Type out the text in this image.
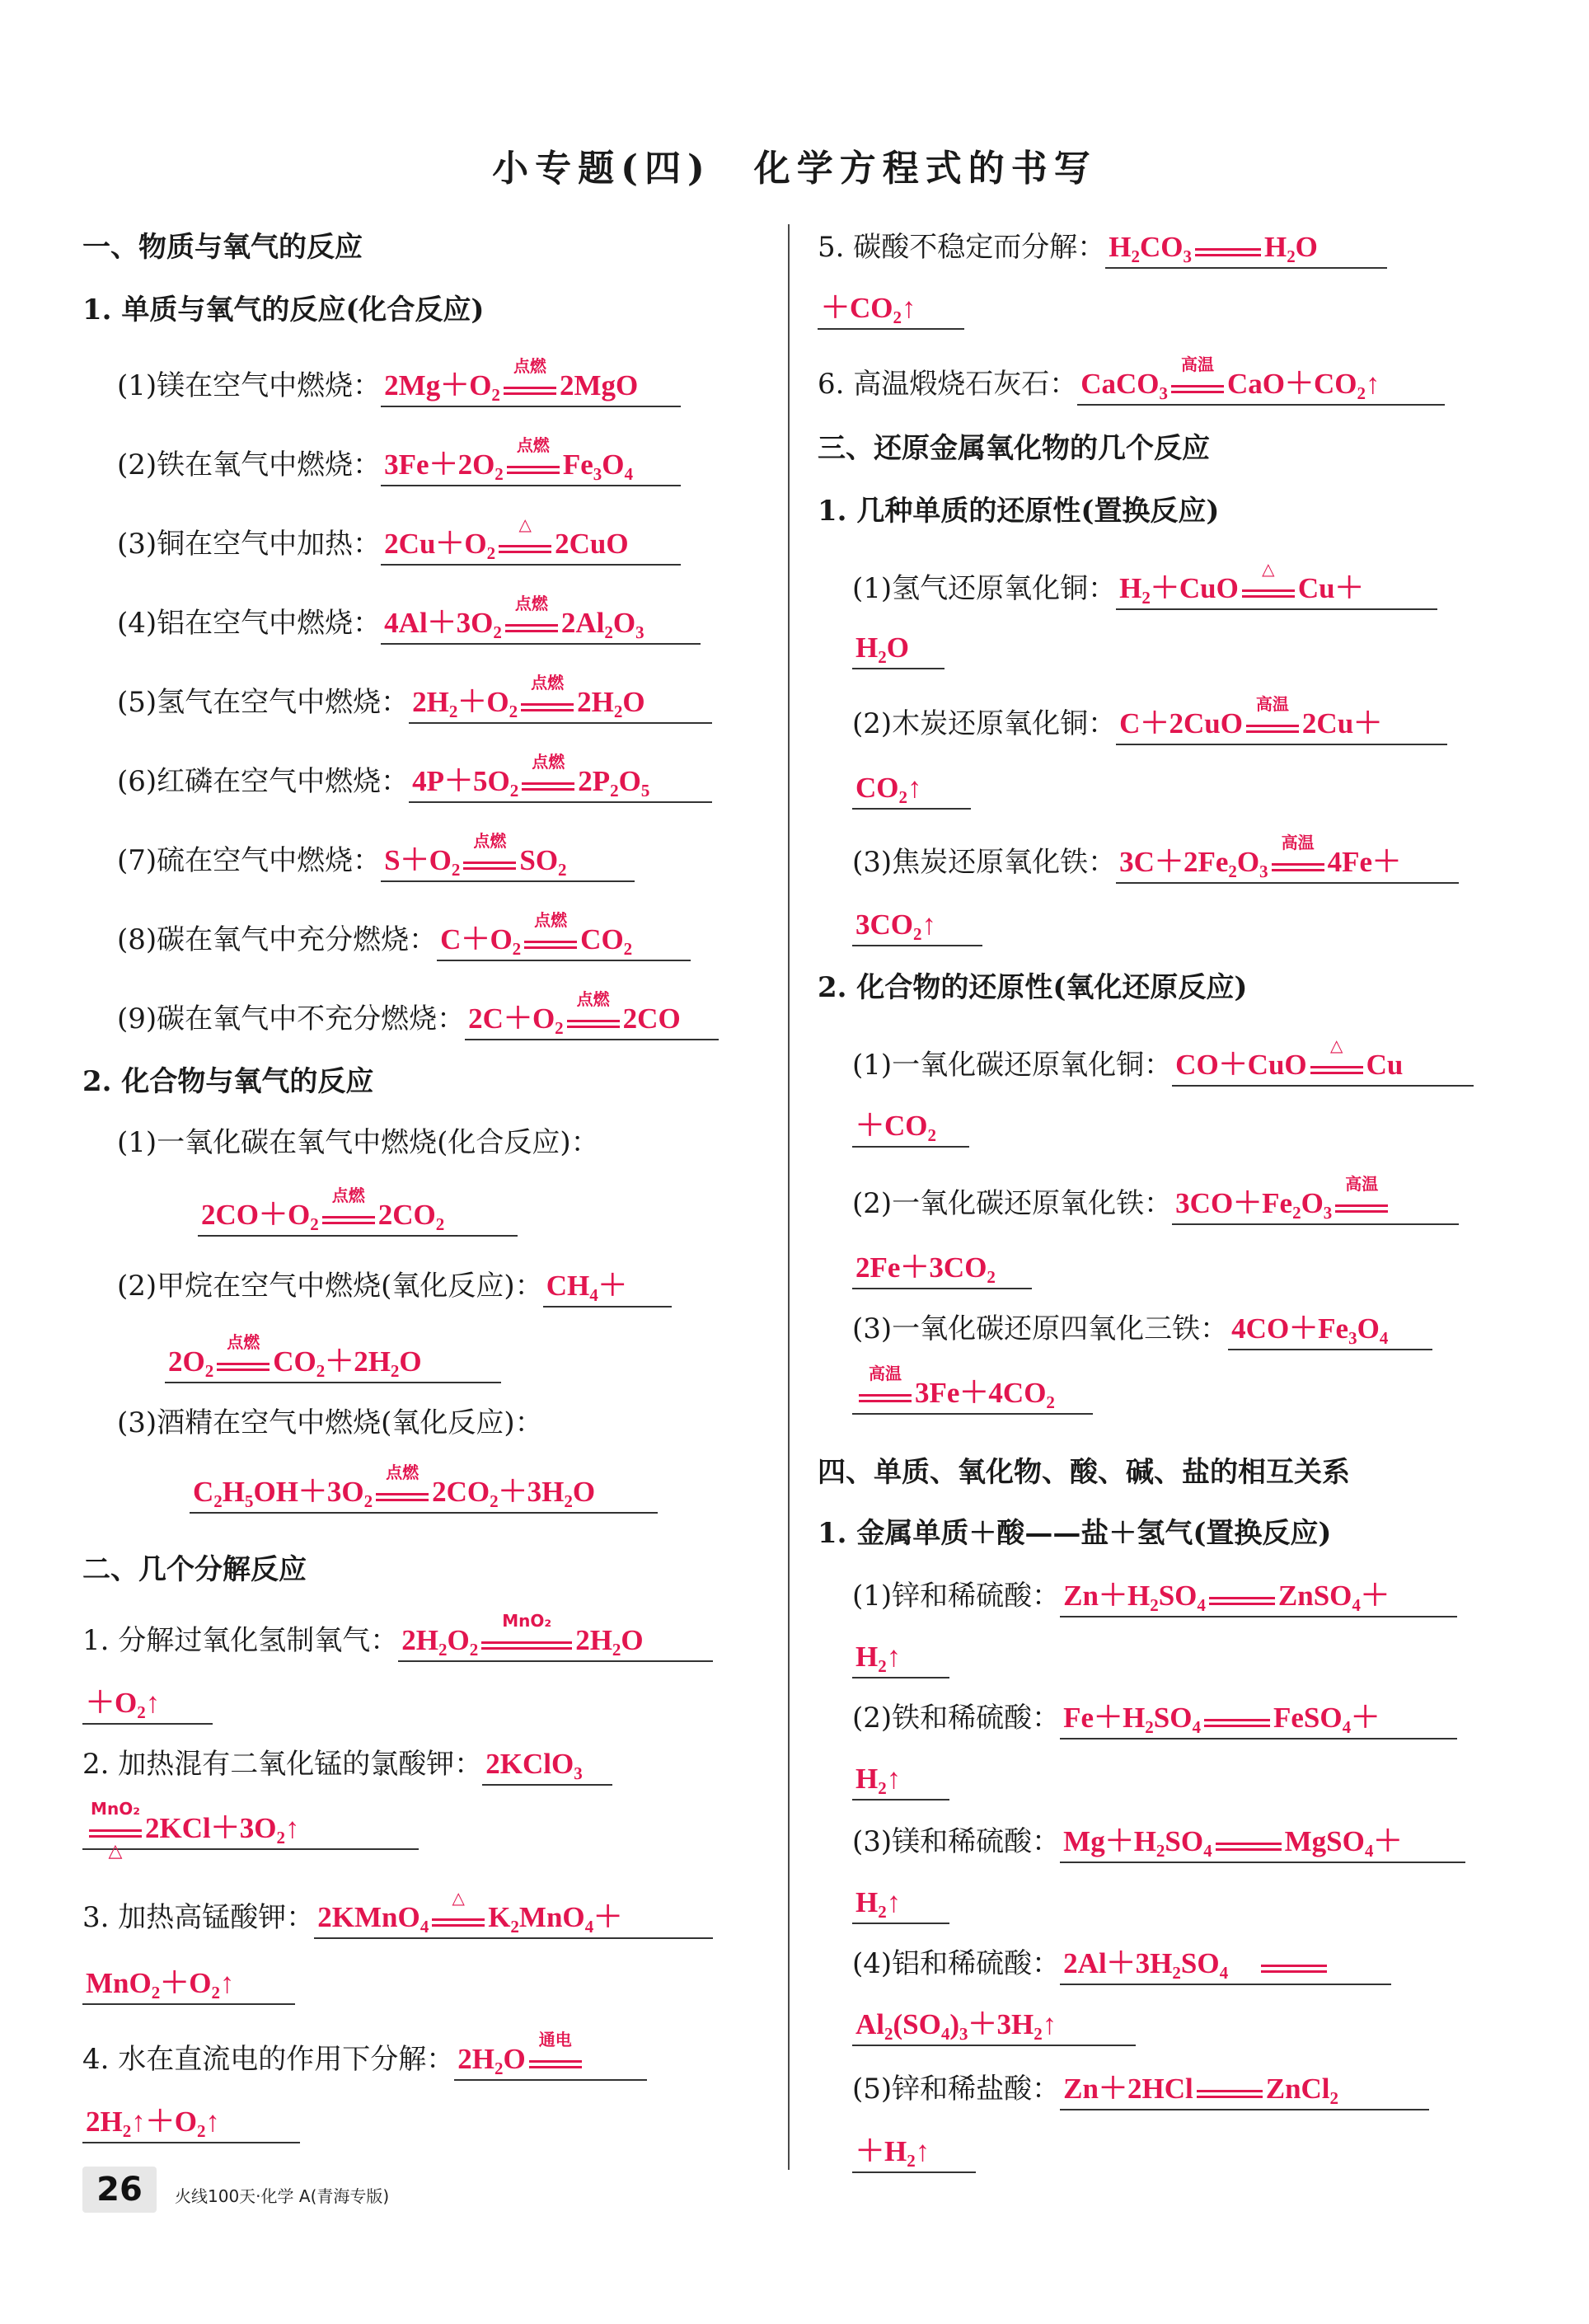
小专题(四)　化学方程式的书写
一、物质与氧气的反应
1. 单质与氧气的反应(化合反应)
(1)镁在空气中燃烧： 2Mg＋O₂
点燃
2MgO
(2)铁在氧气中燃烧： 3Fe＋2O₂
点燃
Fe₃O₄
(3)铜在空气中加热： 2Cu＋O₂
△
2CuO
(4)铝在空气中燃烧： 4Al＋3O₂
点燃
2Al₂O₃
(5)氢气在空气中燃烧： 2H₂＋O₂
点燃
2H₂O
(6)红磷在空气中燃烧： 4P＋5O₂
点燃
2P₂O₅
(7)硫在空气中燃烧： S＋O₂
点燃
SO₂
(8)碳在氧气中充分燃烧： C＋O₂
点燃
CO₂
(9)碳在氧气中不充分燃烧： 2C＋O₂
点燃
2CO
2. 化合物与氧气的反应
(1)一氧化碳在氧气中燃烧(化合反应)：
2CO＋O₂
点燃
2CO₂
(2)甲烷在空气中燃烧(氧化反应)： CH₄＋
2O₂
点燃
CO₂＋2H₂O
(3)酒精在空气中燃烧(氧化反应)：
C₂H₅OH＋3O₂
点燃
2CO₂＋3H₂O
二、几个分解反应
1. 分解过氧化氢制氧气： 2H₂O₂
MnO₂
2H₂O
＋O₂↑
2. 加热混有二氧化锰的氯酸钾： 2KClO₃
MnO₂
△
2KCl＋3O₂↑
3. 加热高锰酸钾： 2KMnO₄
△
K₂MnO₄＋
MnO₂＋O₂↑
4. 水在直流电的作用下分解： 2H₂O
通电
2H₂↑＋O₂↑
5. 碳酸不稳定而分解： H₂CO₃	H₂O
＋CO₂↑
6. 高温煅烧石灰石： CaCO₃
高温
CaO＋CO₂↑
三、还原金属氧化物的几个反应
1. 几种单质的还原性(置换反应)
(1)氢气还原氧化铜： H₂＋CuO
△
Cu＋
H₂O
(2)木炭还原氧化铜： C＋2CuO
高温
2Cu＋
CO₂↑
(3)焦炭还原氧化铁： 3C＋2Fe₂O₃
高温
4Fe＋
3CO₂↑
2. 化合物的还原性(氧化还原反应)
(1)一氧化碳还原氧化铜： CO＋CuO
△
Cu
＋CO₂
(2)一氧化碳还原氧化铁： 3CO＋Fe₂O₃
高温
2Fe＋3CO₂
(3)一氧化碳还原四氧化三铁： 4CO＋Fe₃O₄
高温
3Fe＋4CO₂
四、单质、氧化物、酸、碱、盐的相互关系
1. 金属单质＋酸——盐＋氢气(置换反应)
(1)锌和稀硫酸： Zn＋H₂SO₄	ZnSO₄＋
H₂↑
(2)铁和稀硫酸： Fe＋H₂SO₄	FeSO₄＋
H₂↑
(3)镁和稀硫酸： Mg＋H₂SO₄	MgSO₄＋
H₂↑
(4)铝和稀硫酸： 2Al＋3H₂SO₄
Al₂(SO₄)₃＋3H₂↑
(5)锌和稀盐酸： Zn＋2HCl	ZnCl₂
＋H₂↑
26	火线100天·化学 A(青海专版)
